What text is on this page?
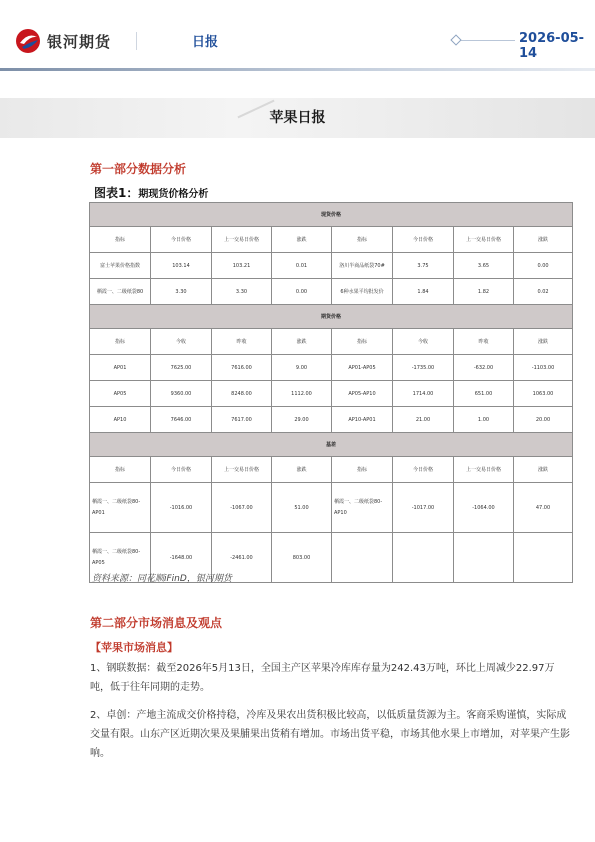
银河期货	日报	2026-05-14
苹果日报
第一部分数据分析
图表1：期现货价格分析
现货价格							
指标	今日价格	上一交易日价格	涨跌	指标	今日价格	上一交易日价格	涨跌
富士苹果价格指数	103.14	103.21	0.01	洛川半商品纸袋70#	3.75	3.65	0.00
栖霞一、二级纸袋80	3.30	3.30	0.00	6种水果平均批发价	1.84	1.82	0.02
期货价格							
指标	今收	昨收	涨跌	指标	今收	昨收	涨跌
AP01	7625.00	7616.00	9.00	AP01-AP05	-1735.00	-632.00	-1103.00
AP05	9360.00	8248.00	1112.00	AP05-AP10	1714.00	651.00	1063.00
AP10	7646.00	7617.00	29.00	AP10-AP01	21.00	1.00	20.00
基差							
指标	今日价格	上一交易日价格	涨跌	指标	今日价格	上一交易日价格	涨跌
栖霞一、二级纸袋80-AP01	-1016.00	-1067.00	51.00	栖霞一、二级纸袋80-AP10	-1017.00	-1064.00	47.00
栖霞一、二级纸袋80-AP05	-1648.00	-2461.00	803.00				
资料来源：同花顺iFinD，银河期货
第二部分市场消息及观点
【苹果市场消息】
1、钢联数据：截至2026年5月13日，全国主产区苹果冷库库存量为242.43万吨，环比上周减少22.97万吨，低于往年同期的走势。
2、卓创：产地主流成交价格持稳，冷库及果农出货积极比较高，以低质量货源为主。客商采购谨慎，实际成交量有限。山东产区近期次果及果脯果出货稍有增加。市场出货平稳，市场其他水果上市增加，对苹果产生影响。
